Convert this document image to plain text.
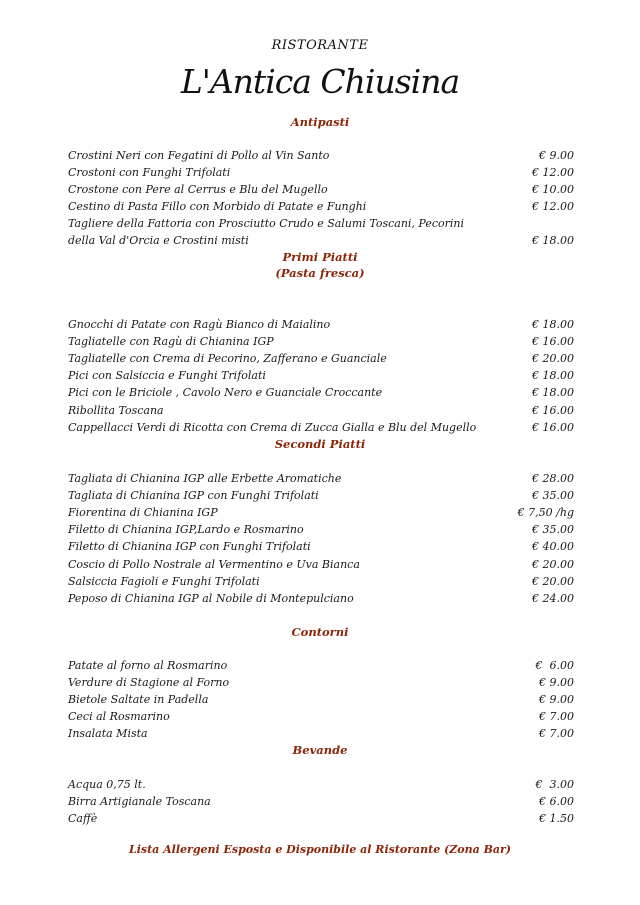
RISTORANTE
L'Antica Chiusina
Antipasti
Crostini Neri con Fegatini di Pollo al Vin Santo	€ 9.00
Crostoni con Funghi Trifolati	€ 12.00
Crostone con Pere al Cerrus e Blu del Mugello	€ 10.00
Cestino di Pasta Fillo con Morbido di Patate e Funghi	€ 12.00
Tagliere della Fattoria con Prosciutto Crudo e Salumi Toscani, Pecorini della Val d'Orcia e Crostini misti	€ 18.00
Primi Piatti
(Pasta fresca)
Gnocchi di Patate con Ragù Bianco di Maialino	€ 18.00
Tagliatelle con Ragù di Chianina IGP	€ 16.00
Tagliatelle con Crema di Pecorino, Zafferano e Guanciale	€ 20.00
Pici con Salsiccia e Funghi Trifolati	€ 18.00
Pici con le Briciole , Cavolo Nero e Guanciale Croccante	€ 18.00
Ribollita Toscana	€ 16.00
Cappellacci Verdi di Ricotta con Crema di Zucca Gialla e Blu del Mugello	€ 16.00
Secondi Piatti
Tagliata di Chianina IGP alle Erbette Aromatiche	€ 28.00
Tagliata di Chianina IGP con Funghi Trifolati	€ 35.00
Fiorentina di Chianina IGP	€ 7,50 /hg
Filetto di Chianina IGP,Lardo e Rosmarino	€ 35.00
Filetto di Chianina IGP con Funghi Trifolati	€ 40.00
Coscio di Pollo Nostrale al Vermentino e Uva Bianca	€ 20.00
Salsiccia Fagioli e Funghi Trifolati	€ 20.00
Peposo di Chianina IGP al Nobile di Montepulciano	€ 24.00
Contorni
Patate al forno al Rosmarino	€  6.00
Verdure di Stagione al Forno	€ 9.00
Bietole Saltate in Padella	€ 9.00
Ceci al Rosmarino	€ 7.00
Insalata Mista	€ 7.00
Bevande
Acqua 0,75 lt.	€  3.00
Birra Artigianale Toscana	€ 6.00
Caffè	€ 1.50
Lista Allergeni Esposta e Disponibile al Ristorante (Zona Bar)
